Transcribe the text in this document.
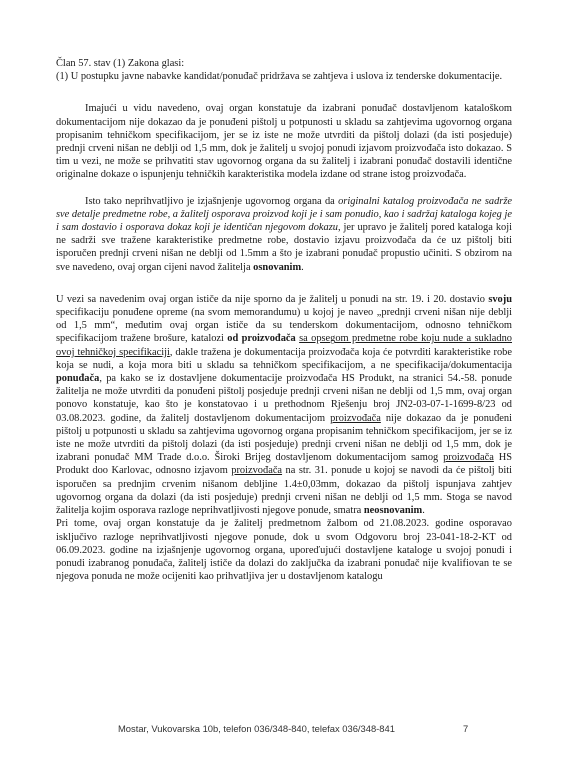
Član 57. stav (1) Zakona glasi:

(1) U postupku javne nabavke kandidat/ponuđač pridržava se zahtjeva i uslova iz tenderske dokumentacije.

Imajući u vidu navedeno, ovaj organ konstatuje da izabrani ponuđač dostavljenom kataloškom dokumentacijom nije dokazao da je ponuđeni pištolj u potpunosti u skladu sa zahtjevima ugovornog organa propisanim tehničkom specifikacijom, jer se iz iste ne može utvrditi da pištolj dolazi (da isti posjeduje) prednji crveni nišan ne deblji od 1,5 mm, dok je žalitelj u svojoj ponudi izjavom proizvođača isto dokazao. S tim u vezi, ne može se prihvatiti stav ugovornog organa da su žalitelj i izabrani ponuđač dostavili identične originalne dokaze o ispunjenju tehničkih karakteristika modela izdane od strane istog proizvođača.

Isto tako neprihvatljivo je izjašnjenje ugovornog organa da originalni katalog proizvođača ne sadrže sve detalje predmetne robe, a žalitelj osporava proizvod koji je i sam ponudio, kao i sadržaj kataloga kojeg je i sam dostavio i osporava dokaz koji je identičan njegovom dokazu, jer upravo je žalitelj pored kataloga koji ne sadrži sve tražene karakteristike predmetne robe, dostavio izjavu proizvođača da će uz pištolj biti isporučen prednji crveni nišan ne deblji od 1.5mm a što je izabrani ponuđač propustio učiniti. S obzirom na sve navedeno, ovaj organ cijeni navod žalitelja osnovanim.

U vezi sa navedenim ovaj organ ističe da nije sporno da je žalitelj u ponudi na str. 19. i 20. dostavio svoju specifikaciju ponuđene opreme (na svom memorandumu) u kojoj je naveo „prednji crveni nišan nije deblji od 1,5 mm“, međutim ovaj organ ističe da su tenderskom dokumentacijom, odnosno tehničkom specifikacijom tražene brošure, katalozi od proizvođača sa opsegom predmetne robe koju nude a sukladno ovoj tehničkoj specifikaciji, dakle tražena je dokumentacija proizvođača koja će potvrditi karakteristike robe koja se nudi, a koja mora biti u skladu sa tehničkom specifikacijom, a ne specifikacija/dokumentacija ponuđača, pa kako se iz dostavljene dokumentacije proizvođača HS Produkt, na stranici 54.-58. ponude žalitelja ne može utvrditi da ponuđeni pištolj posjeduje prednji crveni nišan ne deblji od 1,5 mm, ovaj organ ponovo konstatuje, kao što je konstatovao i u prethodnom Rješenju broj JN2-03-07-1-1699-8/23 od 03.08.2023. godine, da žalitelj dostavljenom dokumentacijom proizvođača nije dokazao da je ponuđeni pištolj u potpunosti u skladu sa zahtjevima ugovornog organa propisanim tehničkom specifikacijom, jer se iz iste ne može utvrditi da pištolj dolazi (da isti posjeduje) prednji crveni nišan ne deblji od 1,5 mm, dok je izabrani ponuđač MM Trade d.o.o. Široki Brijeg dostavljenom dokumentacijom samog proizvođača HS Produkt doo Karlovac, odnosno izjavom proizvođača na str. 31. ponude u kojoj se navodi da će pištolj biti isporučen sa prednjim crvenim nišanom debljine 1.4±0,03mm, dokazao da pištolj ispunjava zahtjev ugovornog organa da dolazi (da isti posjeduje) prednji crveni nišan ne deblji od 1,5 mm. Stoga se navod žalitelja kojim osporava razloge neprihvatljivosti njegove ponude, smatra neosnovanim.

Pri tome, ovaj organ konstatuje da je žalitelj predmetnom žalbom od 21.08.2023. godine osporavao isključivo razloge neprihvatljivosti njegove ponude, dok u svom Odgovoru broj 23-041-18-2-KT od 06.09.2023. godine na izjašnjenje ugovornog organa, uporeďujući dostavljene kataloge u svojoj ponudi i ponudi izabranog ponuđača, žalitelj ističe da dolazi do zaključka da izabrani ponuđač nije kvalifiovan te se njegova ponuda ne može ocijeniti kao prihvatljiva jer u dostavljenom katalogu

Mostar, Vukovarska 10b, telefon 036/348-840, telefax 036/348-841	7
